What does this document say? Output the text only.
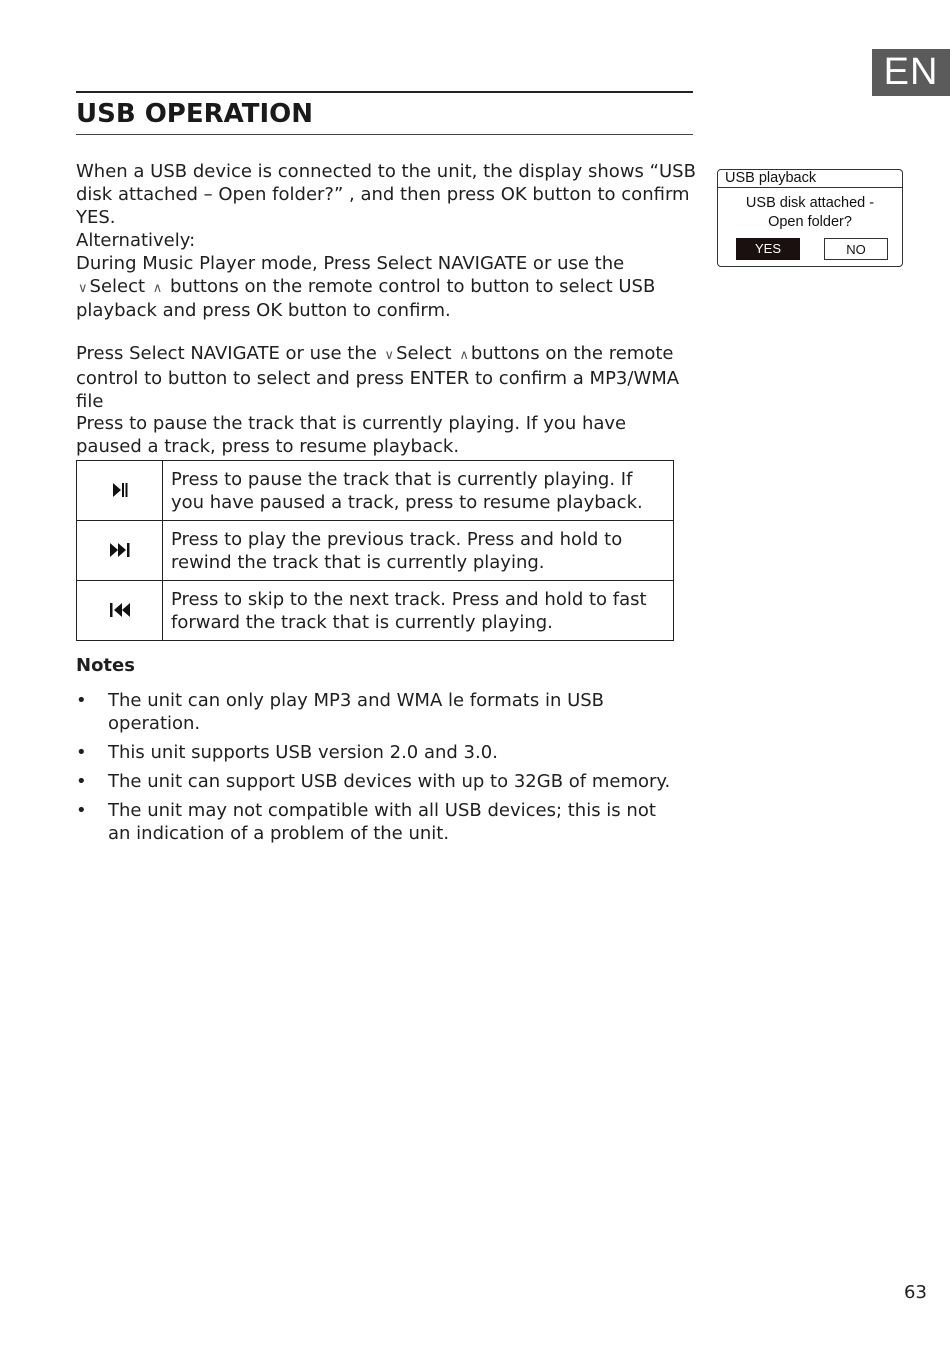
EN
USB OPERATION

When a USB device is connected to the unit, the display shows “USB disk attached – Open folder?” , and then press OK button to confirm YES.

Alternatively:
During Music Player mode, Press Select NAVIGATE or use the ∨ Select ∧ buttons on the remote control to button to select USB playback and press OK button to confirm.

Press Select NAVIGATE or use the ∨ Select ∧ buttons on the remote control to button to select and press ENTER to confirm a MP3/WMA file
Press to pause the track that is currently playing. If you have paused a track, press to resume playback.

USB playback
USB disk attached -
Open folder?
YES	NO
	Press to pause the track that is currently playing. If you have paused a track, press to resume playback.
	Press to play the previous track. Press and hold to rewind the track that is currently playing.
	Press to skip to the next track. Press and hold to fast forward the track that is currently playing.
Notes
• The unit can only play MP3 and WMA le formats in USB operation.
• This unit supports USB version 2.0 and 3.0.
• The unit can support USB devices with up to 32GB of memory.
• The unit may not compatible with all USB devices; this is not an indication of a problem of the unit.
63
